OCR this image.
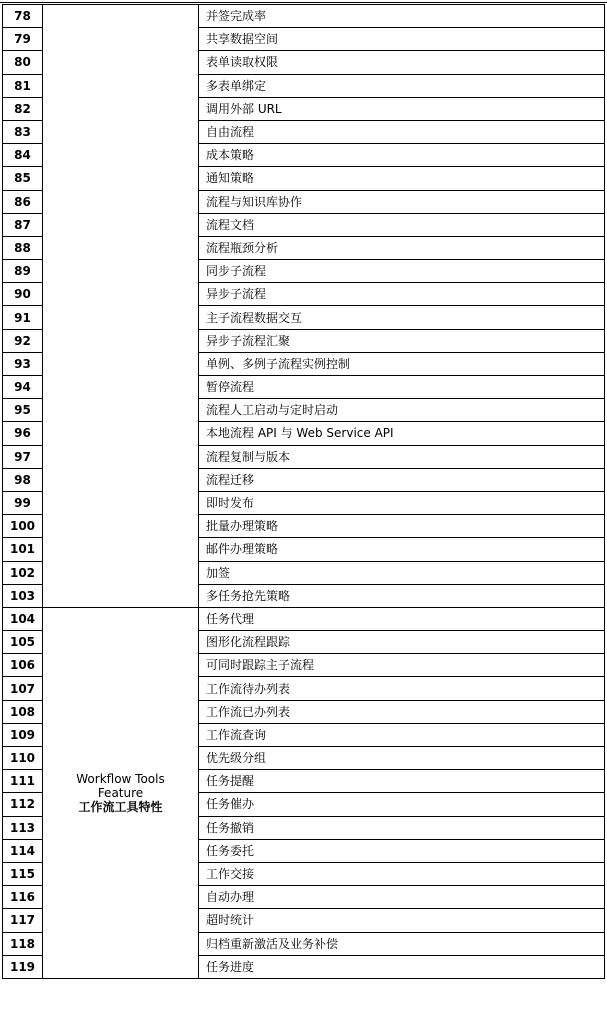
78		并签完成率
79		共享数据空间
80		表单读取权限
81		多表单绑定
82		调用外部 URL
83		自由流程
84		成本策略
85		通知策略
86		流程与知识库协作
87		流程文档
88		流程瓶颈分析
89		同步子流程
90		异步子流程
91		主子流程数据交互
92		异步子流程汇聚
93		单例、多例子流程实例控制
94		暂停流程
95		流程人工启动与定时启动
96		本地流程 API 与 Web Service API
97		流程复制与版本
98		流程迁移
99		即时发布
100		批量办理策略
101		邮件办理策略
102		加签
103		多任务抢先策略
104	Workflow Tools
Feature
工作流工具特性	任务代理
105		图形化流程跟踪
106		可同时跟踪主子流程
107		工作流待办列表
108		工作流已办列表
109		工作流查询
110		优先级分组
111		任务提醒
112		任务催办
113		任务撤销
114		任务委托
115		工作交接
116		自动办理
117		超时统计
118		归档重新激活及业务补偿
119		任务进度
